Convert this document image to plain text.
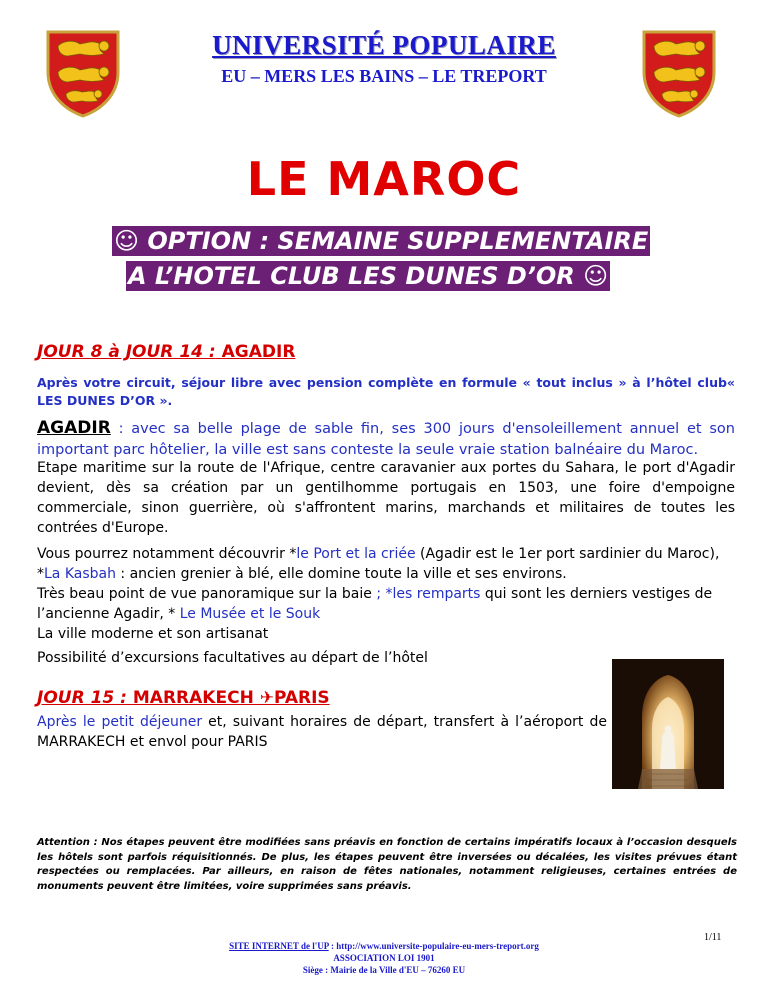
UNIVERSITÉ POPULAIRE
EU – MERS LES BAINS – LE TREPORT
LE MAROC
☺ OPTION : SEMAINE SUPPLEMENTAIRE
A L’HOTEL CLUB LES DUNES D’OR ☺
JOUR 8 à JOUR 14 : AGADIR
Après votre circuit, séjour libre avec pension complète en formule « tout inclus » à l’hôtel club« LES DUNES D’OR ».
AGADIR : avec sa belle plage de sable fin, ses 300 jours d'ensoleillement annuel et son important parc hôtelier, la ville est sans conteste la seule vraie station balnéaire du Maroc.
Etape maritime sur la route de l'Afrique, centre caravanier aux portes du Sahara, le port d'Agadir devient, dès sa création par un gentilhomme portugais en 1503, une foire d'empoigne commerciale, sinon guerrière, où s'affrontent marins, marchands et militaires de toutes les contrées d'Europe.
Vous pourrez notamment découvrir *le Port et la criée (Agadir est le 1er port sardinier du Maroc), *La Kasbah : ancien grenier à blé, elle domine toute la ville et ses environs.
Très beau point de vue panoramique sur la baie ; *les remparts qui sont les derniers vestiges de l’ancienne Agadir, * Le Musée et le Souk
La ville moderne et son artisanat
Possibilité d’excursions facultatives au départ de l’hôtel
JOUR 15 : MARRAKECH ✈PARIS
Après le petit déjeuner et, suivant horaires de départ, transfert à l’aéroport de MARRAKECH et envol pour PARIS
Attention : Nos étapes peuvent être modifiées sans préavis en fonction de certains impératifs locaux à l’occasion desquels les hôtels sont parfois réquisitionnés. De plus, les étapes peuvent être inversées ou décalées, les visites prévues étant respectées ou remplacées. Par ailleurs, en raison de fêtes nationales, notamment religieuses, certaines entrées de monuments peuvent être limitées, voire supprimées sans préavis.
1/11
SITE INTERNET de l'UP : http://www.universite-populaire-eu-mers-treport.org
ASSOCIATION LOI 1901
Siège : Mairie de la Ville d'EU – 76260 EU
